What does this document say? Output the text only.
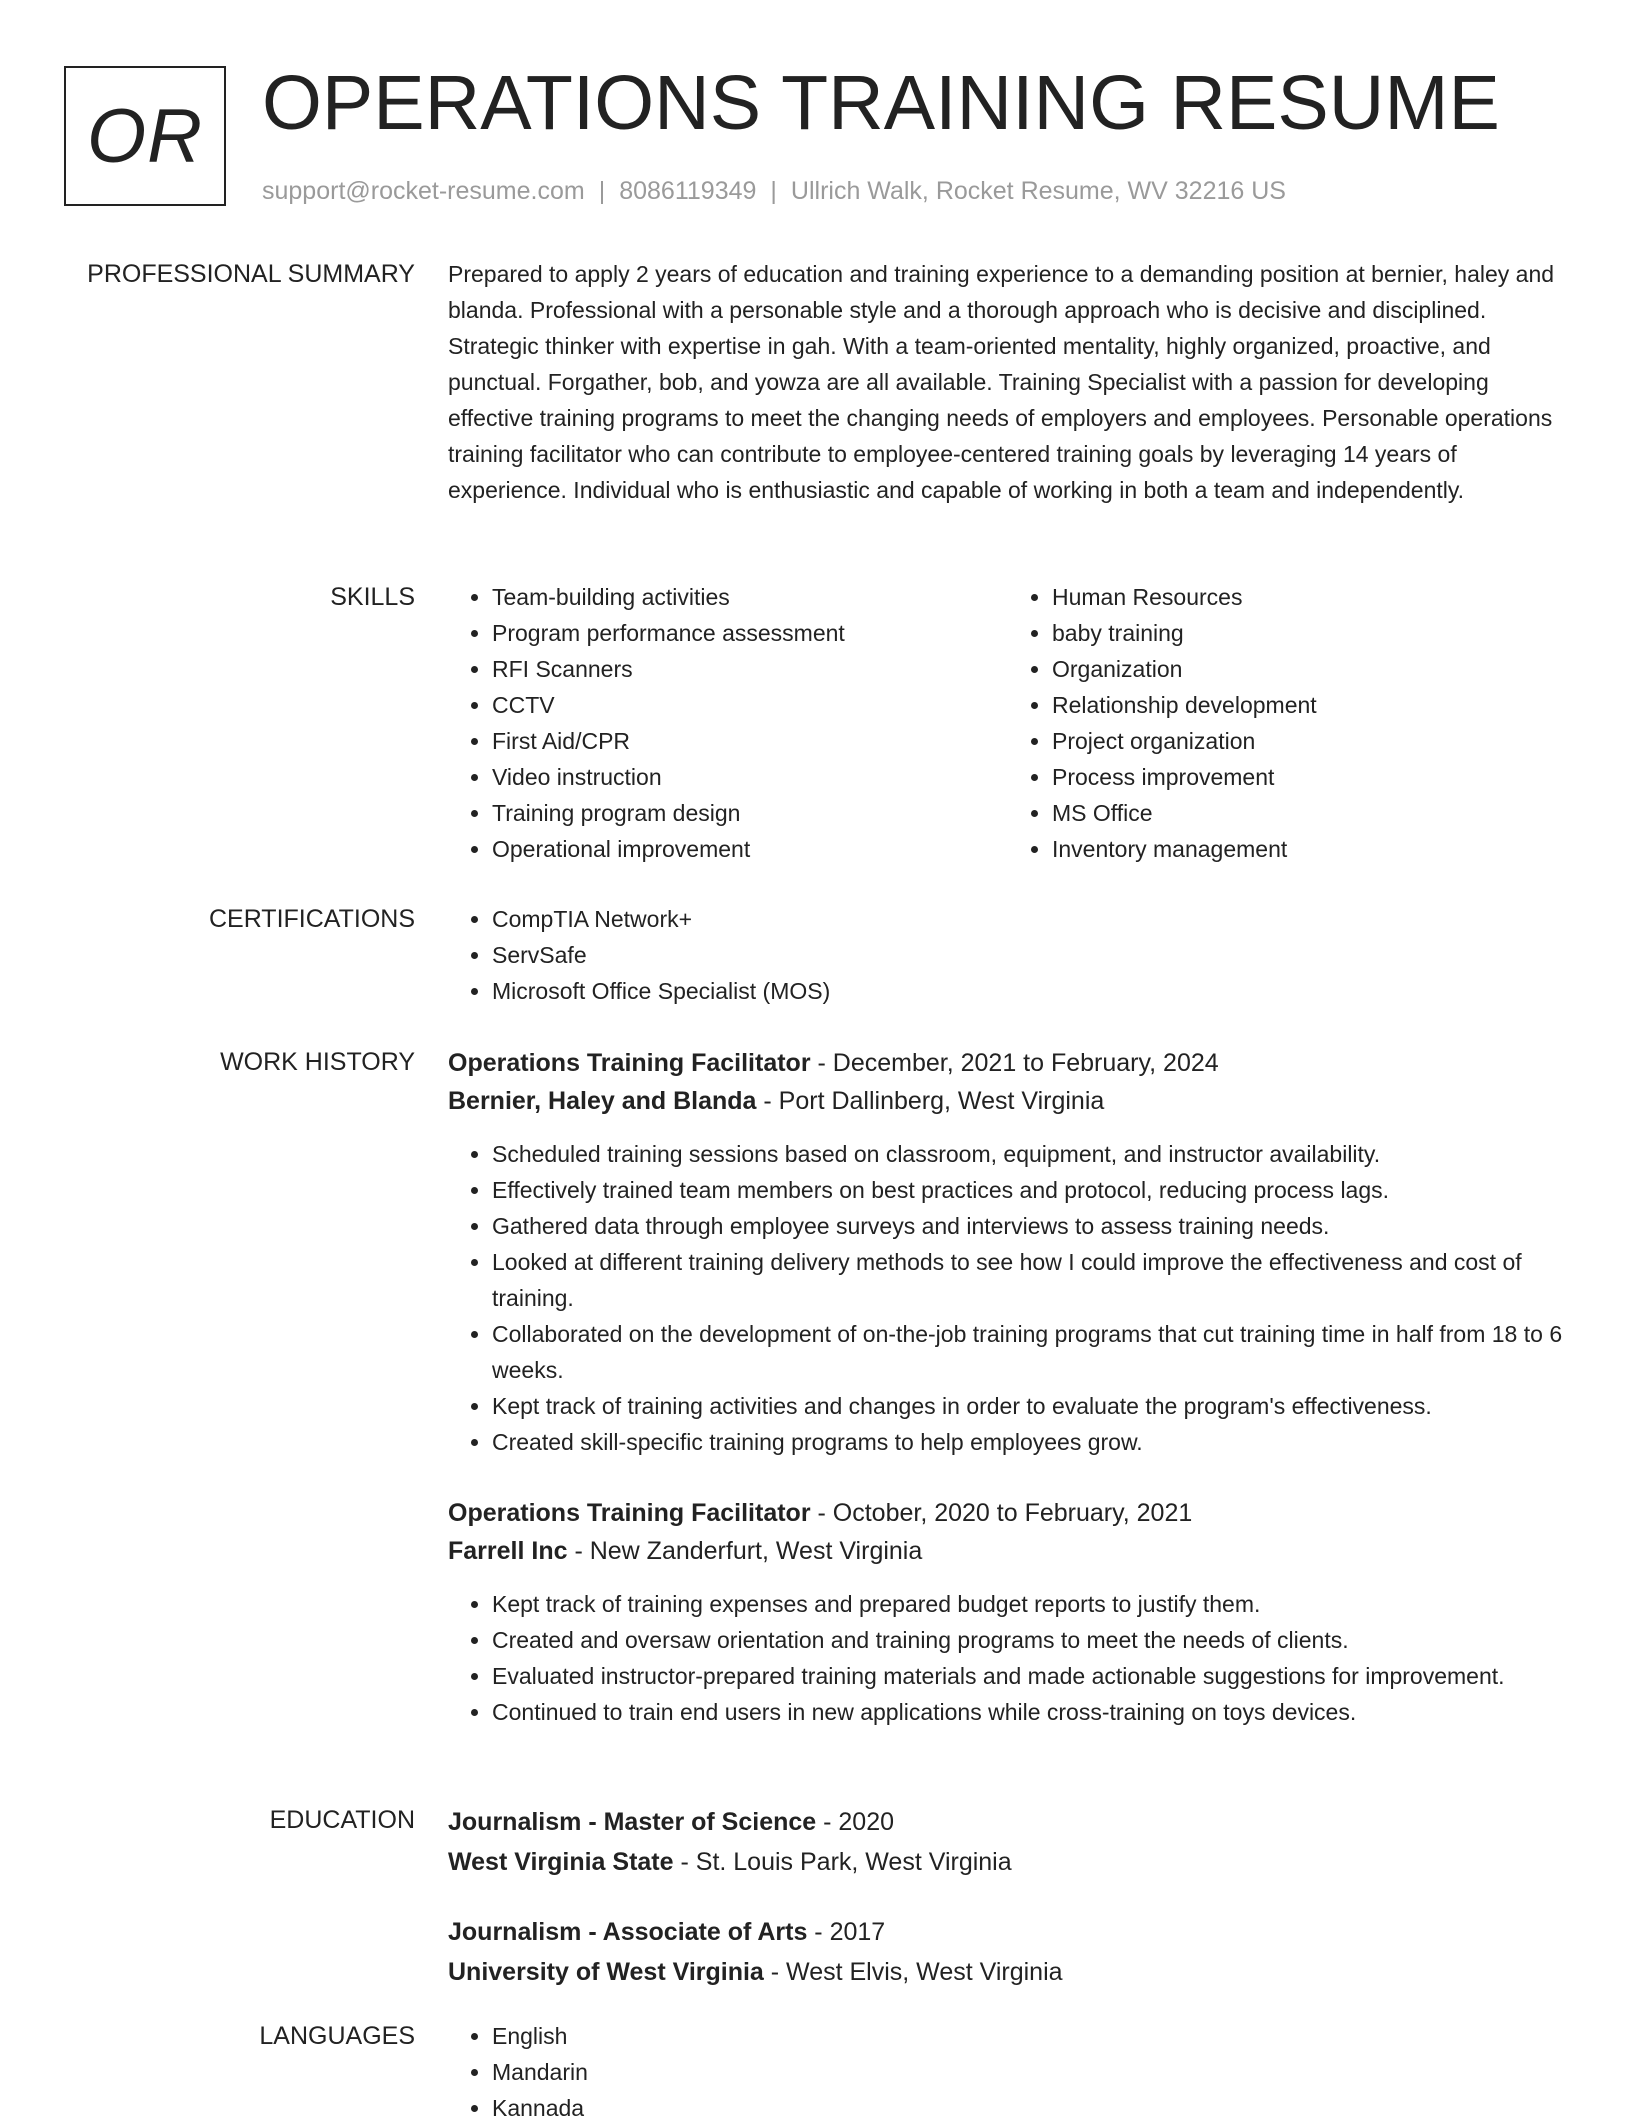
OR OPERATIONS TRAINING RESUME
support@rocket-resume.com | 8086119349 | Ullrich Walk, Rocket Resume, WV 32216 US
PROFESSIONAL SUMMARY Prepared to apply 2 years of education and training experience to a demanding position at bernier, haley and blanda. Professional with a personable style and a thorough approach who is decisive and disciplined. Strategic thinker with expertise in gah. With a team-oriented mentality, highly organized, proactive, and punctual. Forgather, bob, and yowza are all available. Training Specialist with a passion for developing effective training programs to meet the changing needs of employers and employees. Personable operations training facilitator who can contribute to employee-centered training goals by leveraging 14 years of experience. Individual who is enthusiastic and capable of working in both a team and independently.

SKILLS	• Team-building activities
• Program performance assessment
• RFI Scanners
• CCTV
• First Aid/CPR
• Video instruction
• Training program design
• Operational improvement
• Human Resources
• baby training
• Organization
• Relationship development
• Project organization
• Process improvement
• MS Office
• Inventory management
CERTIFICATIONS	• CompTIA Network+
• ServSafe
• Microsoft Office Specialist (MOS)
WORK HISTORY Operations Training Facilitator - December, 2021 to February, 2024
Bernier, Haley and Blanda - Port Dallinberg, West Virginia
• Scheduled training sessions based on classroom, equipment, and instructor availability.
• Effectively trained team members on best practices and protocol, reducing process lags.
• Gathered data through employee surveys and interviews to assess training needs.
• Looked at different training delivery methods to see how I could improve the effectiveness and cost of training.
• Collaborated on the development of on-the-job training programs that cut training time in half from 18 to 6 weeks.
• Kept track of training activities and changes in order to evaluate the program's effectiveness.
• Created skill-specific training programs to help employees grow.
Operations Training Facilitator - October, 2020 to February, 2021
Farrell Inc - New Zanderfurt, West Virginia
• Kept track of training expenses and prepared budget reports to justify them.
• Created and oversaw orientation and training programs to meet the needs of clients.
• Evaluated instructor-prepared training materials and made actionable suggestions for improvement.
• Continued to train end users in new applications while cross-training on toys devices.
EDUCATION Journalism - Master of Science - 2020
West Virginia State - St. Louis Park, West Virginia
Journalism - Associate of Arts - 2017
University of West Virginia - West Elvis, West Virginia
LANGUAGES	• English
• Mandarin
• Kannada
